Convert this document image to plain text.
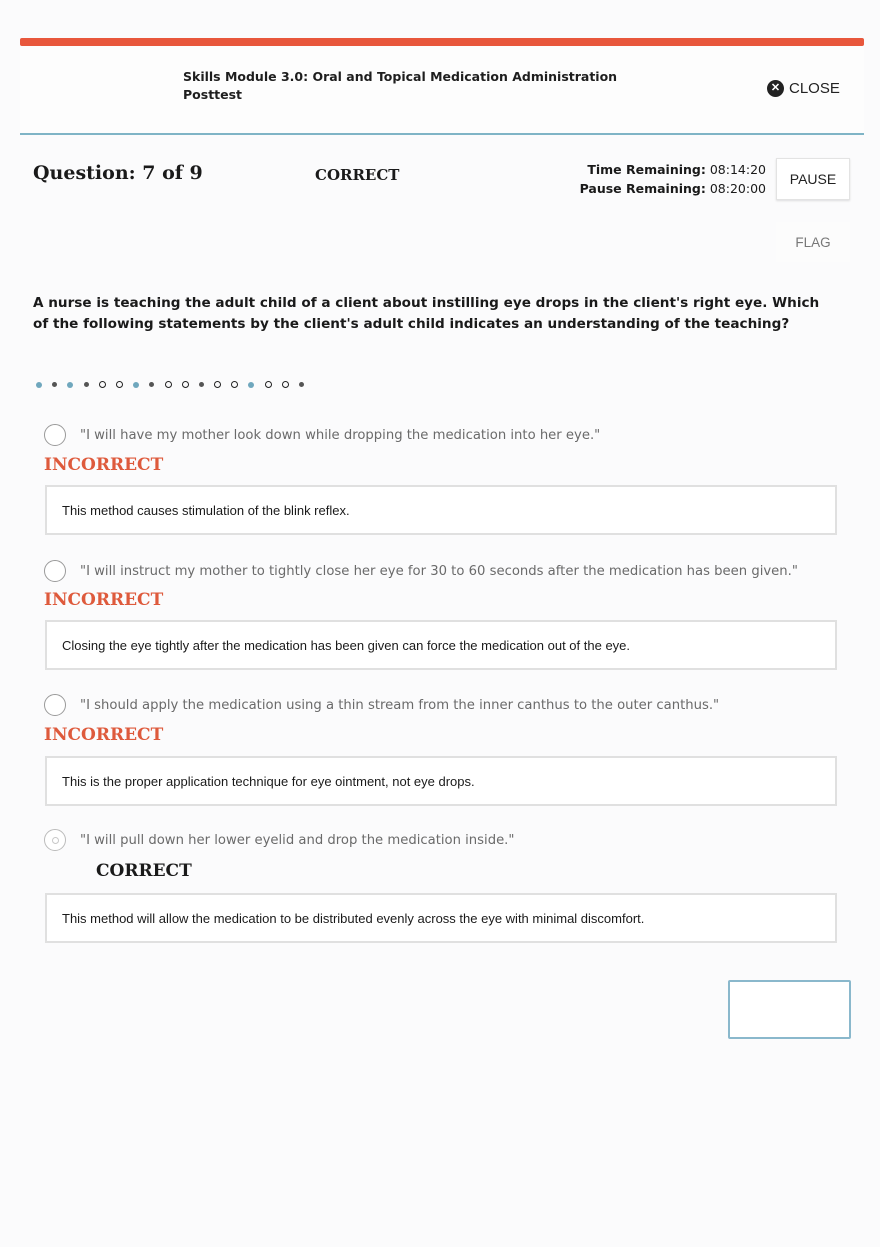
Skills Module 3.0: Oral and Topical Medication Administration
Posttest	✕ CLOSE
Question: 7 of 9	CORRECT	Time Remaining: 08:14:20
Pause Remaining: 08:20:00
PAUSE
FLAG
A nurse is teaching the adult child of a client about instilling eye drops in the client's right eye. Which of the following statements by the client's adult child indicates an understanding of the teaching?
"I will have my mother look down while dropping the medication into her eye."
INCORRECT
This method causes stimulation of the blink reflex.
"I will instruct my mother to tightly close her eye for 30 to 60 seconds after the medication has been given."
INCORRECT
Closing the eye tightly after the medication has been given can force the medication out of the eye.
"I should apply the medication using a thin stream from the inner canthus to the outer canthus."
INCORRECT
This is the proper application technique for eye ointment, not eye drops.
"I will pull down her lower eyelid and drop the medication inside."
CORRECT
This method will allow the medication to be distributed evenly across the eye with minimal discomfort.
